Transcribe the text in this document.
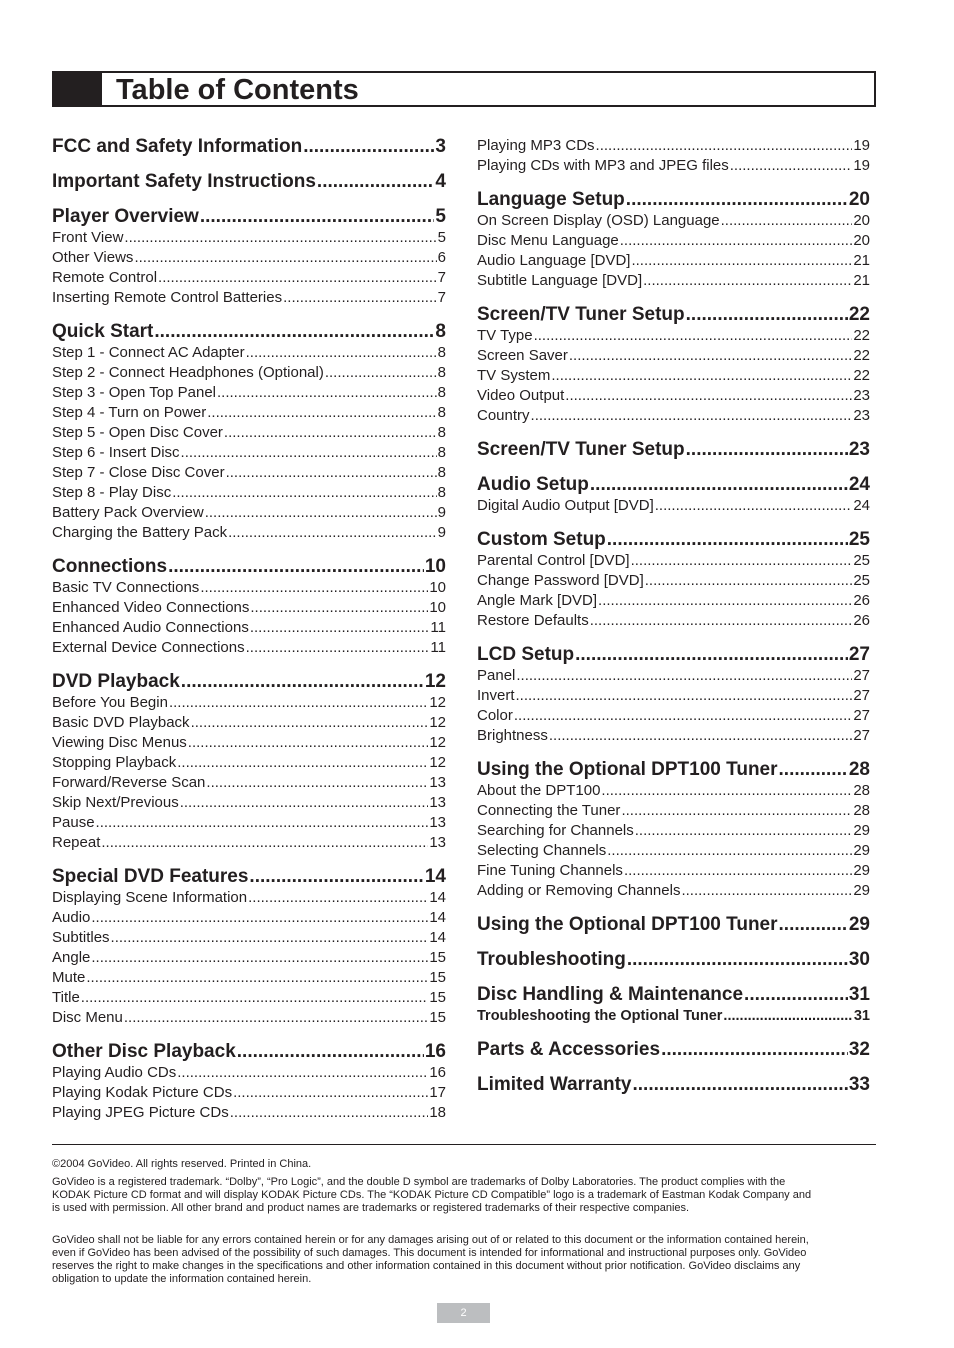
Table of Contents
FCC and Safety Information .....	3
Important Safety Instructions .....	4
Player Overview .....	5
Front View .....	5
Other Views .....	6
Remote Control .....	7
Inserting Remote Control Batteries .....	7
Quick Start .....	8
Step 1 - Connect AC Adapter .....	8
Step 2 - Connect Headphones (Optional) .....	8
Step 3 - Open Top Panel .....	8
Step 4 - Turn on Power .....	8
Step 5 - Open Disc Cover .....	8
Step 6 - Insert Disc .....	8
Step 7 - Close Disc Cover .....	8
Step 8 - Play Disc .....	8
Battery Pack Overview .....	9
Charging the Battery Pack .....	9
Connections .....	10
Basic TV Connections .....	10
Enhanced Video Connections .....	10
Enhanced Audio Connections .....	11
External Device Connections .....	11
DVD Playback .....	12
Before You Begin .....	12
Basic DVD Playback .....	12
Viewing Disc Menus .....	12
Stopping Playback .....	12
Forward/Reverse Scan .....	13
Skip Next/Previous .....	13
Pause .....	13
Repeat .....	13
Special DVD Features .....	14
Displaying Scene Information .....	14
Audio .....	14
Subtitles .....	14
Angle .....	15
Mute .....	15
Title .....	15
Disc Menu .....	15
Other Disc Playback .....	16
Playing Audio CDs .....	16
Playing Kodak Picture CDs .....	17
Playing JPEG Picture CDs .....	18
Playing MP3 CDs .....	19
Playing CDs with MP3 and JPEG files .....	19
Language Setup .....	20
On Screen Display (OSD) Language .....	20
Disc Menu Language .....	20
Audio Language [DVD] .....	21
Subtitle Language [DVD] .....	21
Screen/TV Tuner Setup .....	22
TV Type .....	22
Screen Saver .....	22
TV System .....	22
Video Output .....	23
Country .....	23
Screen/TV Tuner Setup .....	23
Audio Setup .....	24
Digital Audio Output [DVD] .....	24
Custom Setup .....	25
Parental Control [DVD] .....	25
Change Password [DVD] .....	25
Angle Mark [DVD] .....	26
Restore Defaults .....	26
LCD Setup .....	27
Panel .....	27
Invert .....	27
Color .....	27
Brightness .....	27
Using the Optional DPT100 Tuner .....	28
About the DPT100 .....	28
Connecting the Tuner .....	28
Searching for Channels .....	29
Selecting Channels .....	29
Fine Tuning Channels .....	29
Adding or Removing Channels .....	29
Using the Optional DPT100 Tuner .....	29
Troubleshooting .....	30
Disc Handling & Maintenance .....	31
Troubleshooting the Optional Tuner .....	31
Parts & Accessories .....	32
Limited Warranty .....	33
©2004 GoVideo. All rights reserved. Printed in China.
GoVideo is a registered trademark. “Dolby”, “Pro Logic”, and the double D symbol are trademarks of Dolby Laboratories. The product complies with the KODAK Picture CD format and will display KODAK Picture CDs. The “KODAK Picture CD Compatible” logo is a trademark of Eastman Kodak Company and is used with permission. All other brand and product names are trademarks or registered trademarks of their respective companies.
GoVideo shall not be liable for any errors contained herein or for any damages arising out of or related to this document or the information contained herein, even if GoVideo has been advised of the possibility of such damages. This document is intended for informational and instructional purposes only. GoVideo reserves the right to make changes in the specifications and other information contained in this document without prior notification. GoVideo disclaims any obligation to update the information contained herein.
2
